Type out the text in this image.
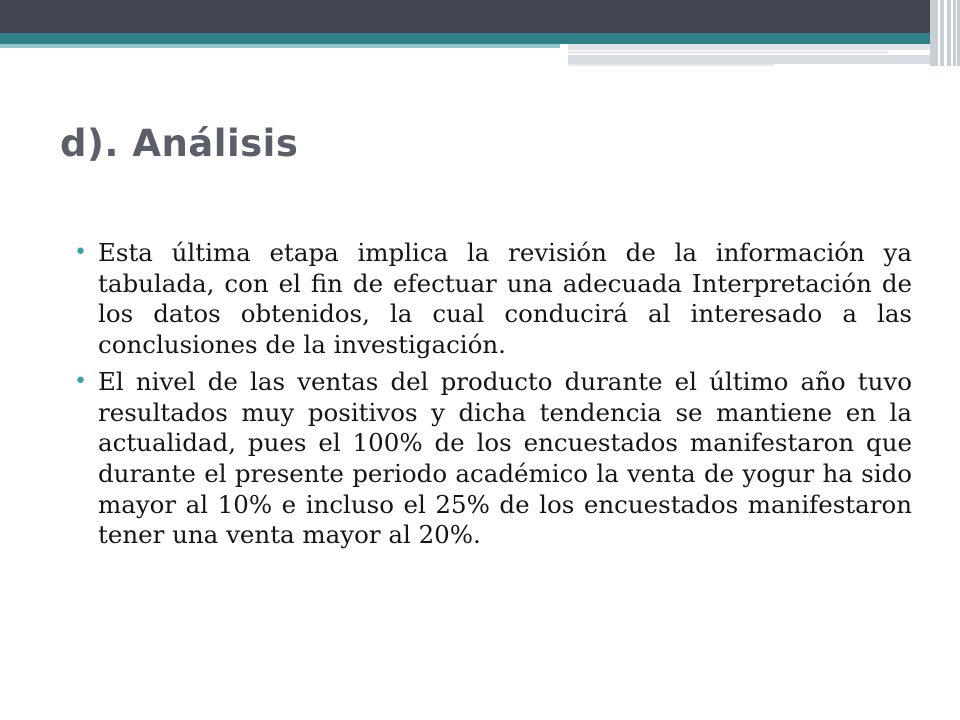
d). Análisis
• Esta última etapa implica la revisión de la información ya tabulada, con el fin de efectuar una adecuada Interpretación de los datos obtenidos, la cual conducirá al interesado a las conclusiones de la investigación.
• El nivel de las ventas del producto durante el último año tuvo resultados muy positivos y dicha tendencia se mantiene en la actualidad, pues el 100% de los encuestados manifestaron que durante el presente periodo académico la venta de yogur ha sido mayor al 10% e incluso el 25% de los encuestados manifestaron tener una venta mayor al 20%.
